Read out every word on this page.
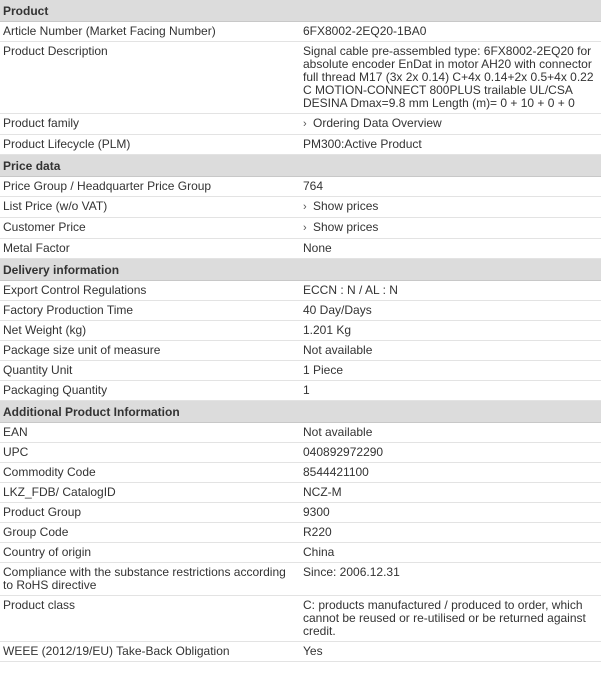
Product	
Article Number (Market Facing Number)	6FX8002-2EQ20-1BA0
Product Description	Signal cable pre-assembled type: 6FX8002-2EQ20 for absolute encoder EnDat in motor AH20 with connector full thread M17 (3x 2x 0.14) C+4x 0.14+2x 0.5+4x 0.22 C MOTION-CONNECT 800PLUS trailable UL/CSA DESINA Dmax=9.8 mm Length (m)= 0 + 10 + 0 + 0
Product family	› Ordering Data Overview
Product Lifecycle (PLM)	PM300:Active Product
Price data	
Price Group / Headquarter Price Group	764
List Price (w/o VAT)	› Show prices
Customer Price	› Show prices
Metal Factor	None
Delivery information	
Export Control Regulations	ECCN : N / AL : N
Factory Production Time	40 Day/Days
Net Weight (kg)	1.201 Kg
Package size unit of measure	Not available
Quantity Unit	1 Piece
Packaging Quantity	1
Additional Product Information	
EAN	Not available
UPC	040892972290
Commodity Code	8544421100
LKZ_FDB/ CatalogID	NCZ-M
Product Group	9300
Group Code	R220
Country of origin	China
Compliance with the substance restrictions according to RoHS directive	Since: 2006.12.31
Product class	C: products manufactured / produced to order, which cannot be reused or re-utilised or be returned against credit.
WEEE (2012/19/EU) Take-Back Obligation	Yes
